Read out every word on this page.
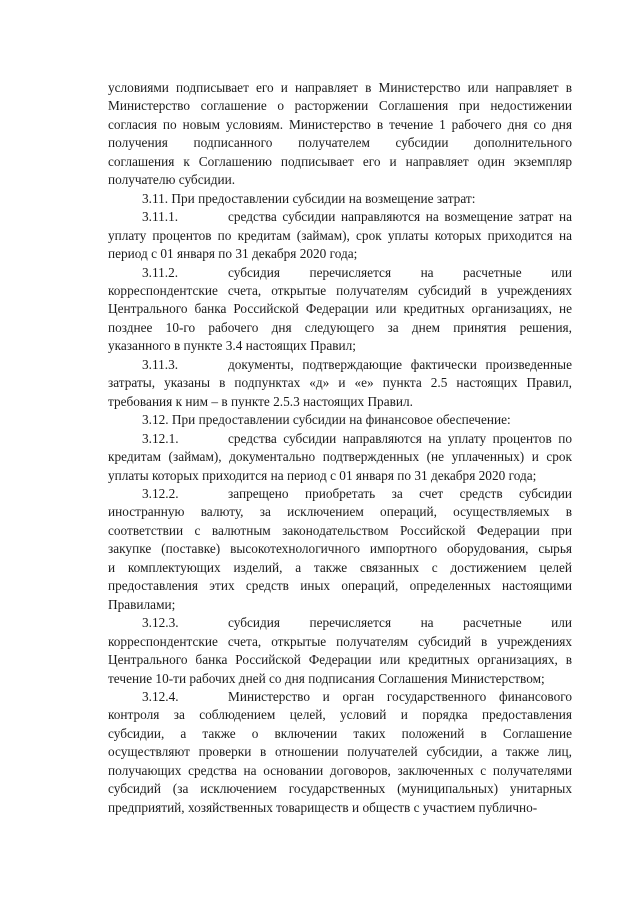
условиями подписывает его и направляет в Министерство или направляет в
Министерство соглашение о расторжении Соглашения при недостижении
согласия по новым условиям. Министерство в течение 1 рабочего дня со дня
получения подписанного получателем субсидии дополнительного
соглашения к Соглашению подписывает его и направляет один экземпляр
получателю субсидии.
3.11. При предоставлении субсидии на возмещение затрат:
3.11.1.	средства субсидии направляются на возмещение затрат на
уплату процентов по кредитам (займам), срок уплаты которых приходится на
период с 01 января по 31 декабря 2020 года;
3.11.2.	субсидия перечисляется на расчетные или
корреспондентские счета, открытые получателям субсидий в учреждениях
Центрального банка Российской Федерации или кредитных организациях, не
позднее 10-го рабочего дня следующего за днем принятия решения,
указанного в пункте 3.4 настоящих Правил;
3.11.3.	документы, подтверждающие фактически произведенные
затраты, указаны в подпунктах «д» и «е» пункта 2.5 настоящих Правил,
требования к ним – в пункте 2.5.3 настоящих Правил.
3.12. При предоставлении субсидии на финансовое обеспечение:
3.12.1.	средства субсидии направляются на уплату процентов по
кредитам (займам), документально подтвержденных (не уплаченных) и срок
уплаты которых приходится на период с 01 января по 31 декабря 2020 года;
3.12.2.	запрещено приобретать за счет средств субсидии
иностранную валюту, за исключением операций, осуществляемых в
соответствии с валютным законодательством Российской Федерации при
закупке (поставке) высокотехнологичного импортного оборудования, сырья
и комплектующих изделий, а также связанных с достижением целей
предоставления этих средств иных операций, определенных настоящими
Правилами;
3.12.3.	субсидия перечисляется на расчетные или
корреспондентские счета, открытые получателям субсидий в учреждениях
Центрального банка Российской Федерации или кредитных организациях, в
течение 10-ти рабочих дней со дня подписания Соглашения Министерством;
3.12.4.	Министерство и орган государственного финансового
контроля за соблюдением целей, условий и порядка предоставления
субсидии, а также о включении таких положений в Соглашение
осуществляют проверки в отношении получателей субсидии, а также лиц,
получающих средства на основании договоров, заключенных с получателями
субсидий (за исключением государственных (муниципальных) унитарных
предприятий, хозяйственных товариществ и обществ с участием публично-
